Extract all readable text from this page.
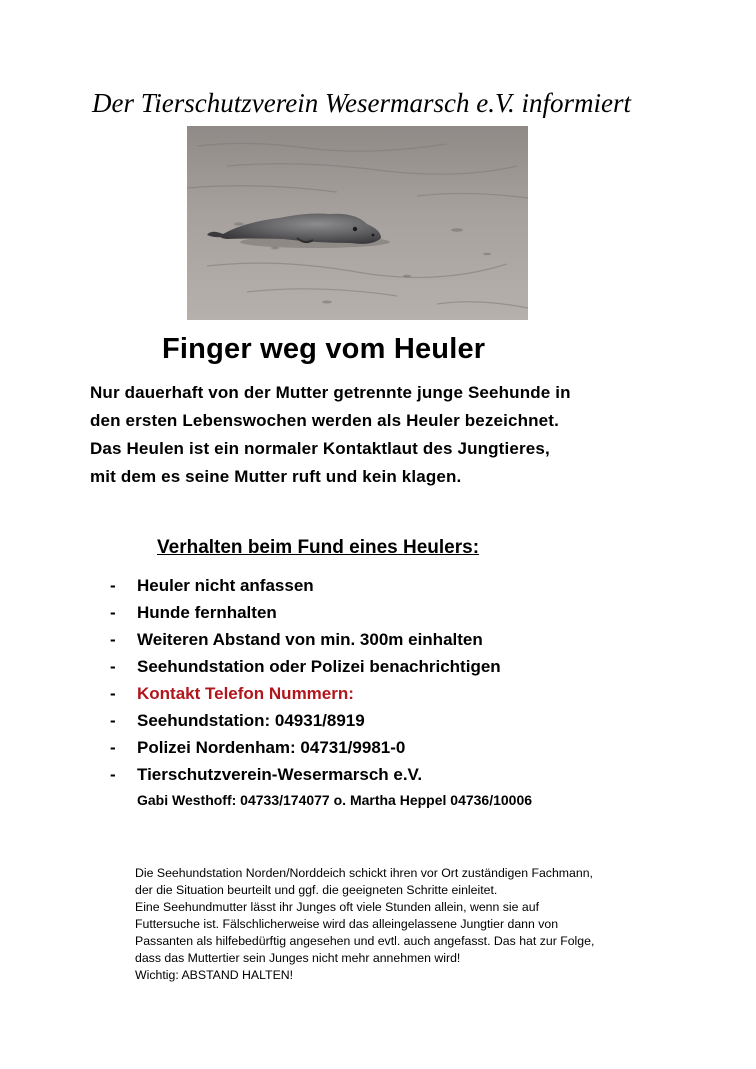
Der Tierschutzverein Wesermarsch e.V. informiert
Finger weg vom Heuler
Nur dauerhaft von der Mutter getrennte junge Seehunde in
den ersten Lebenswochen werden als Heuler bezeichnet.
Das Heulen ist ein normaler Kontaktlaut des Jungtieres,
mit dem es seine Mutter ruft und kein klagen.
Verhalten beim Fund eines Heulers:
- Heuler nicht anfassen
- Hunde fernhalten
- Weiteren Abstand von min. 300m einhalten
- Seehundstation oder Polizei benachrichtigen
- Kontakt Telefon Nummern:
- Seehundstation: 04931/8919
- Polizei Nordenham: 04731/9981-0
- Tierschutzverein-Wesermarsch e.V.
Gabi Westhoff: 04733/174077 o. Martha Heppel 04736/10006
Die Seehundstation Norden/Norddeich schickt ihren vor Ort zuständigen Fachmann,
der die Situation beurteilt und ggf. die geeigneten Schritte einleitet.
Eine Seehundmutter lässt ihr Junges oft viele Stunden allein, wenn sie auf
Futtersuche ist. Fälschlicherweise wird das alleingelassene Jungtier dann von
Passanten als hilfebedürftig angesehen und evtl. auch angefasst. Das hat zur Folge,
dass das Muttertier sein Junges nicht mehr annehmen wird!
Wichtig: ABSTAND HALTEN!
